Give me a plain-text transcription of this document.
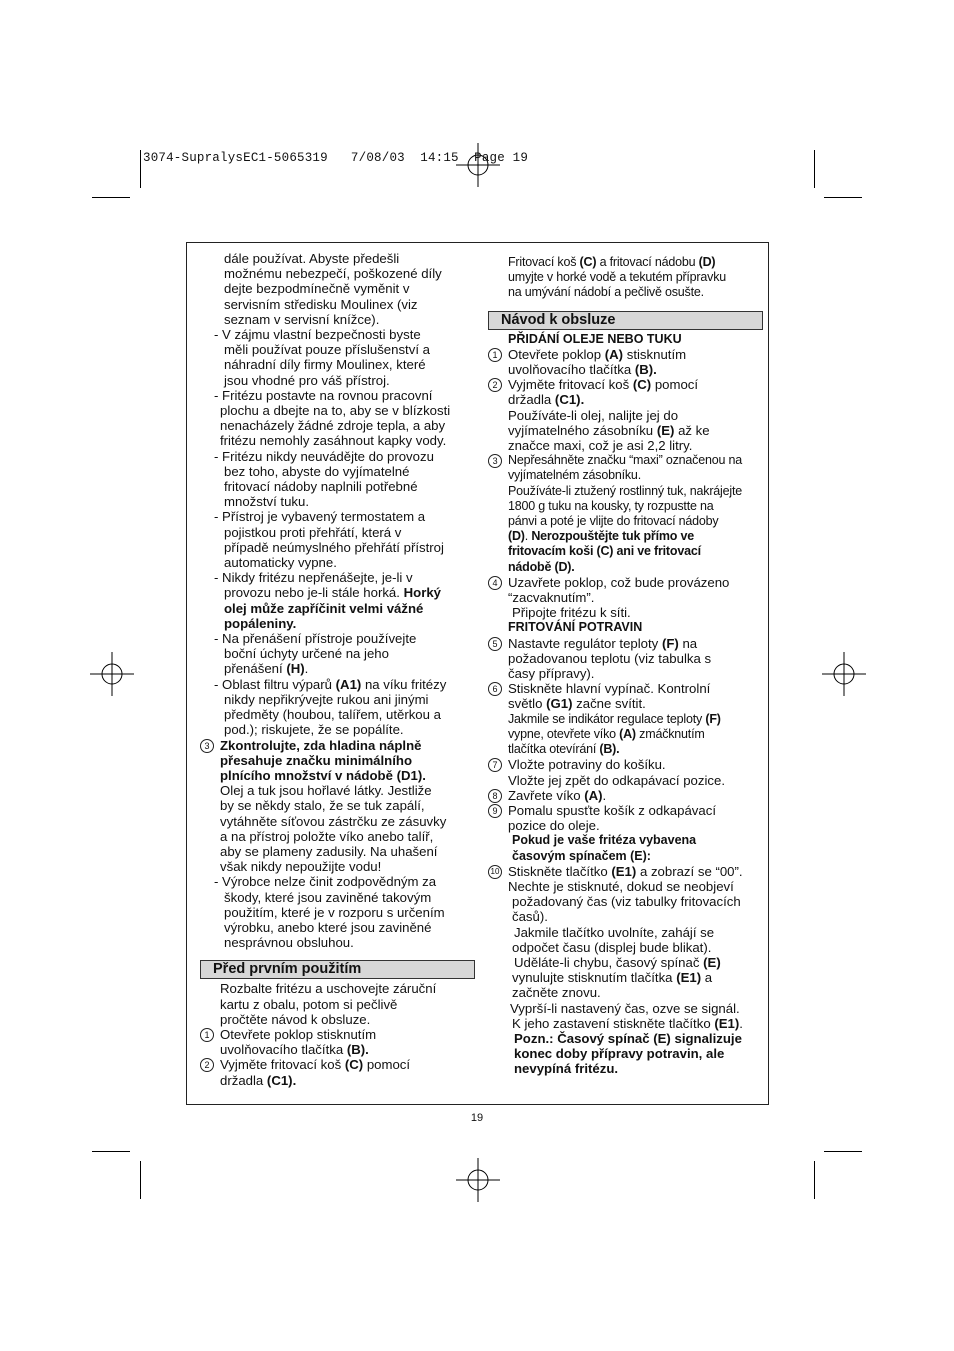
3074-SupralysEC1-5065319   7/08/03  14:15  Page 19

dále používat. Abyste předešli

možnému nebezpečí, poškozené díly

dejte bezpodmínečně vyměnit v

servisním středisku Moulinex (viz

seznam v servisní knížce).

- V zájmu vlastní bezpečnosti byste

měli používat pouze příslušenství a

náhradní díly firmy Moulinex, které

jsou vhodné pro váš přístroj.

- Fritézu postavte na rovnou pracovní

plochu a dbejte na to, aby se v blízkosti

nenacházely žádné zdroje tepla, a aby

fritézu nemohly zasáhnout kapky vody.

- Fritézu nikdy neuvádějte do provozu

bez toho, abyste do vyjímatelné

fritovací nádoby naplnili potřebné

množství tuku.

- Přístroj je vybavený termostatem a

pojistkou proti přehřátí, která v

případě neúmyslného přehřátí přístroj

automaticky vypne.

- Nikdy fritézu nepřenášejte, je-li v

provozu nebo je-li stále horká. Horký

olej může zapříčinit velmi vážné

popáleniny.

- Na přenášení přístroje používejte

boční úchyty určené na jeho

přenášení (H).

- Oblast filtru výparů (A1) na víku fritézy

nikdy nepřikrývejte rukou ani jinými

předměty (houbou, talířem, utěrkou a

pod.); riskujete, že se popálíte.

3 Zkontrolujte, zda hladina náplně

přesahuje značku minimálního

plnícího množství v nádobě (D1).

Olej a tuk jsou hořlavé látky. Jestliže

by se někdy stalo, že se tuk zapálí,

vytáhněte síťovou zástrčku ze zásuvky

a na přístroj položte víko anebo talíř,

aby se plameny zadusily. Na uhašení

však nikdy nepoužijte vodu!

- Výrobce nelze činit zodpovědným za

škody, které jsou zaviněné takovým

použitím, které je v rozporu s určením

výrobku, anebo které jsou zaviněné

nesprávnou obsluhou.

Před prvním použitím

Rozbalte fritézu a uschovejte záruční

kartu z obalu, potom si pečlivě

pročtěte návod k obsluze.

1 Otevřete poklop stisknutím

uvolňovacího tlačítka (B).

2 Vyjměte fritovací koš (C) pomocí

držadla (C1).

Fritovací koš (C) a fritovací nádobu (D)

umyjte v horké vodě a tekutém přípravku

na umývání nádobí a pečlivě osušte.

Návod k obsluze

PŘIDÁNÍ OLEJE NEBO TUKU

1 Otevřete poklop (A) stisknutím

uvolňovacího tlačítka (B).

2 Vyjměte fritovací koš (C) pomocí

držadla (C1).

Používáte-li olej, nalijte jej do

vyjímatelného zásobníku (E) až ke

značce maxi, což je asi 2,2 litry.

3 Nepřesáhněte značku “maxi” označenou na

vyjímatelném zásobníku.

Používáte-li ztužený rostlinný tuk, nakrájejte

1800 g tuku na kousky, ty rozpustte na

pánvi a poté je vlijte do fritovací nádoby

(D). Nerozpouštějte tuk přímo ve

fritovacím koši (C) ani ve fritovací

nádobě (D).

4 Uzavřete poklop, což bude provázeno

“zacvaknutím”.

Připojte fritézu k síti.

FRITOVÁNÍ POTRAVIN

5 Nastavte regulátor teploty (F) na

požadovanou teplotu (viz tabulka s

časy přípravy).

6 Stiskněte hlavní vypínač. Kontrolní

světlo (G1) začne svítit.

Jakmile se indikátor regulace teploty (F)

vypne, otevřete víko (A) zmáčknutím

tlačítka otevírání (B).

7 Vložte potraviny do košíku.

Vložte jej zpět do odkapávací pozice.

8 Zavřete víko (A).

9 Pomalu spusťte košík z odkapávací

pozice do oleje.

Pokud je vaše fritéza vybavena

časovým spínačem (E):

10 Stiskněte tlačítko (E1) a zobrazí se “00”.

Nechte je stisknuté, dokud se neobjeví

požadovaný čas (viz tabulky fritovacích

časů).

Jakmile tlačítko uvolníte, zahájí se

odpočet času (displej bude blikat).

Uděláte-li chybu, časový spínač (E)

vynulujte stisknutím tlačítka (E1) a

začněte znovu.

Vyprší-li nastavený čas, ozve se signál.

K jeho zastavení stiskněte tlačítko (E1).

Pozn.: Časový spínač (E) signalizuje

konec doby přípravy potravin, ale

nevypíná fritézu.

19
